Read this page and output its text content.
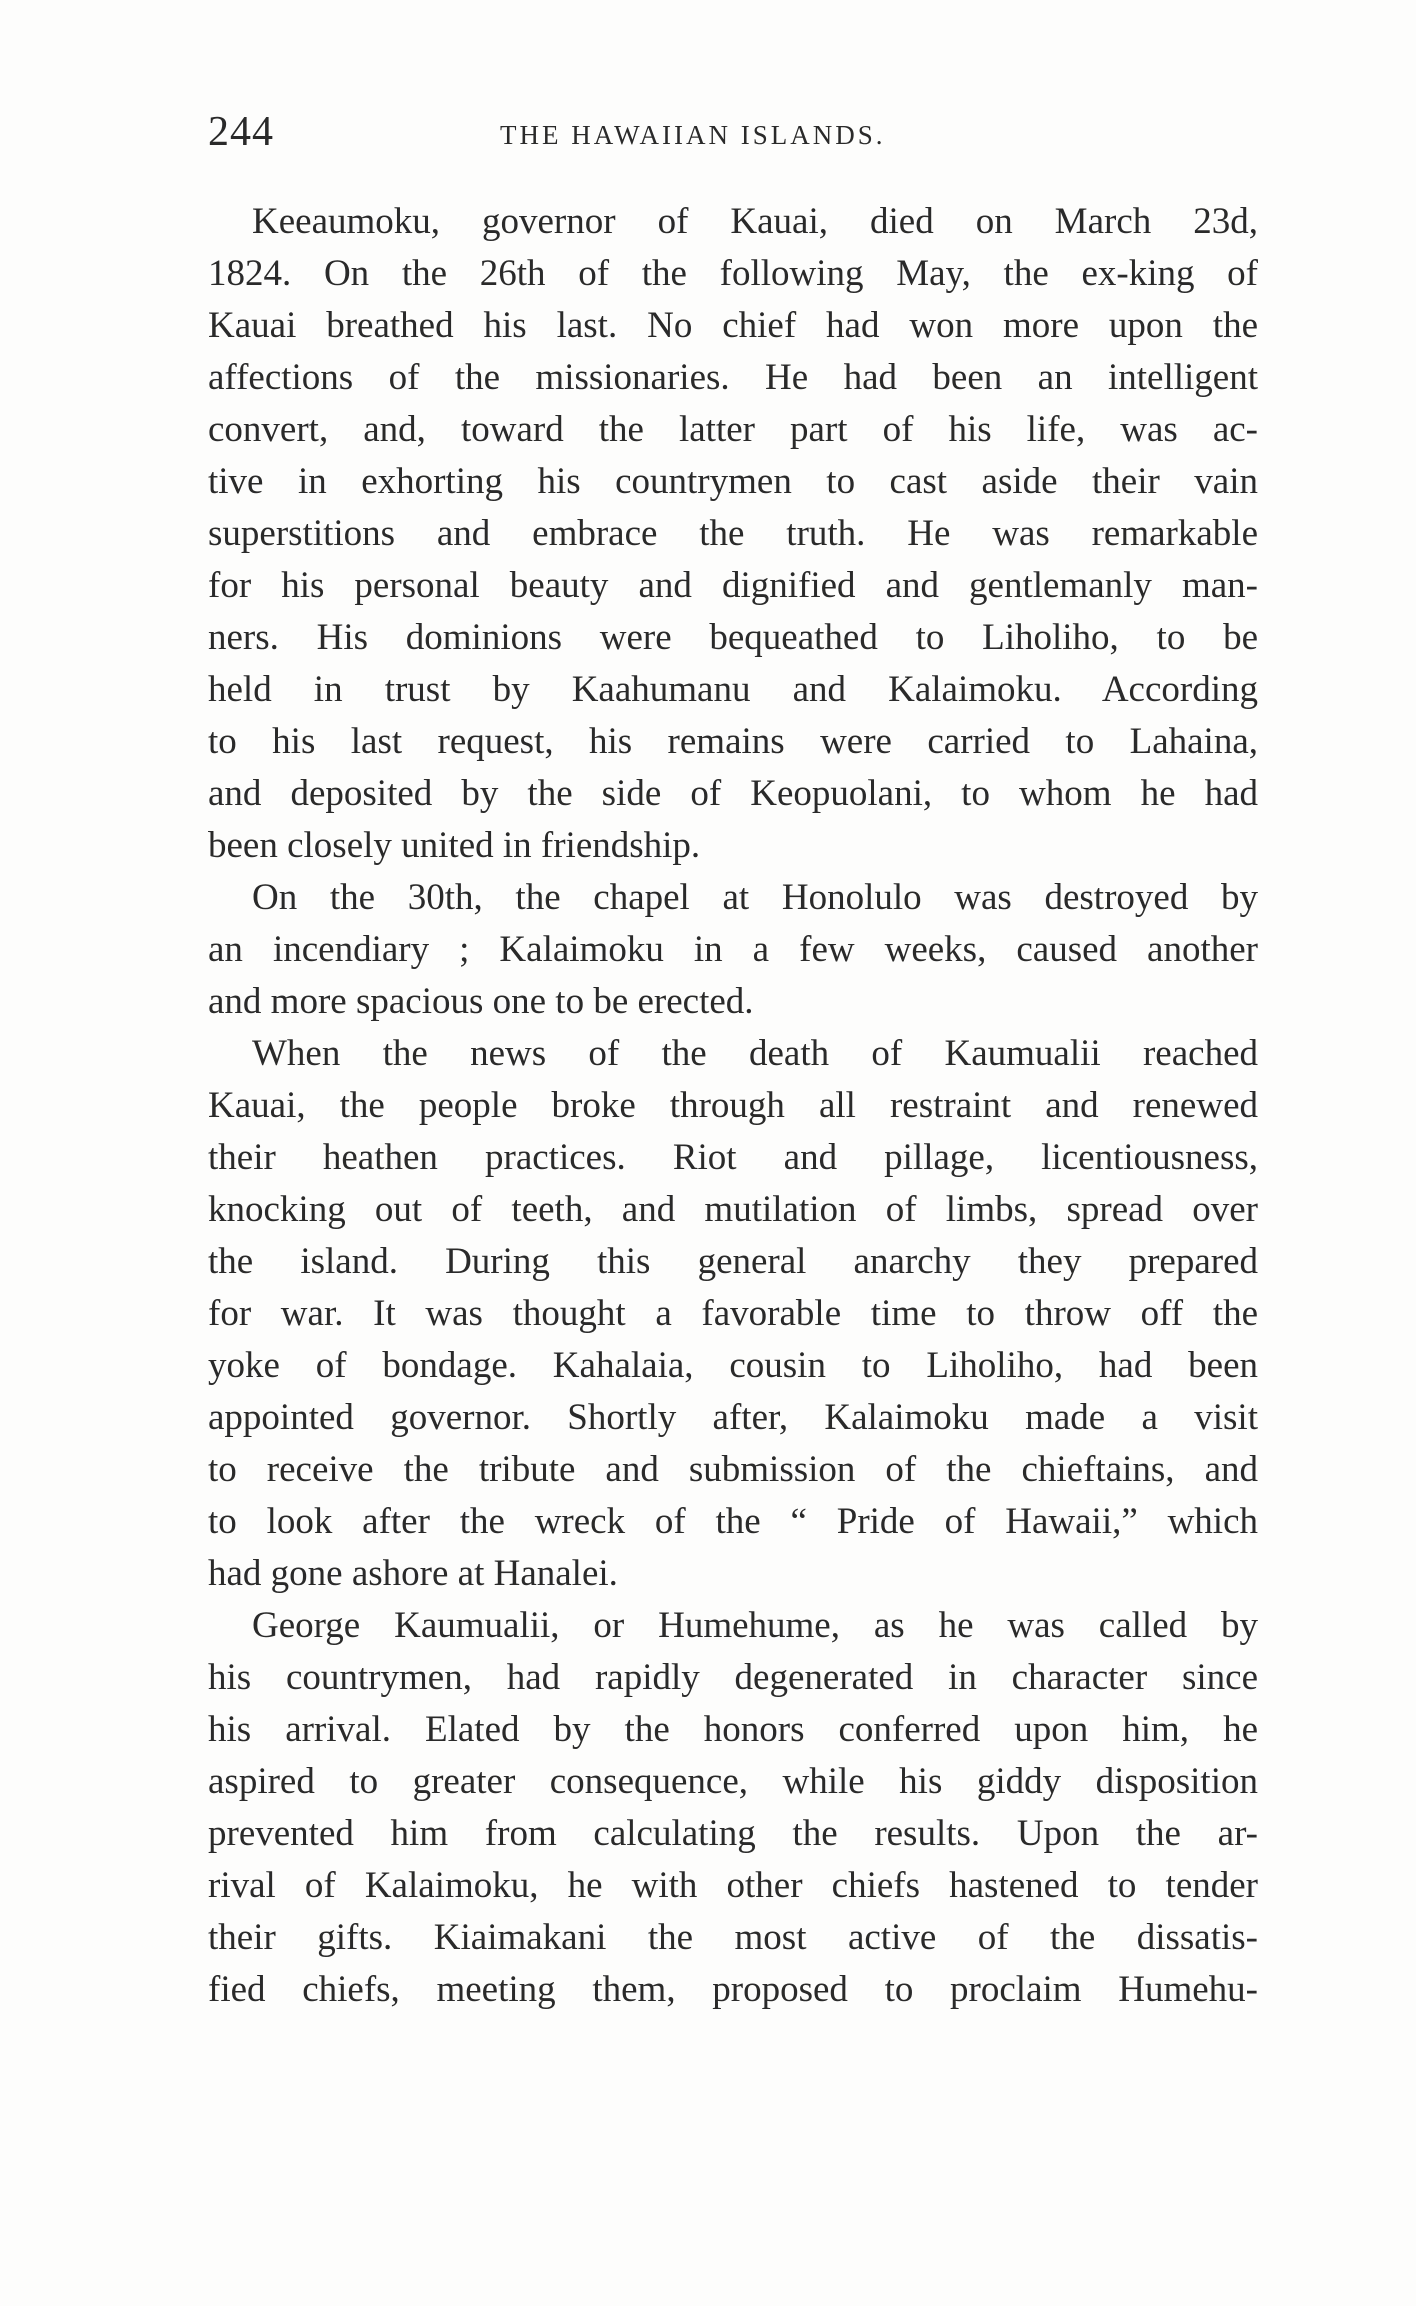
244	THE HAWAIIAN ISLANDS.
Keeaumoku, governor of Kauai, died on March 23d,
1824. On the 26th of the following May, the ex-king of
Kauai breathed his last. No chief had won more upon the
affections of the missionaries. He had been an intelligent
convert, and, toward the latter part of his life, was ac-
tive in exhorting his countrymen to cast aside their vain
superstitions and embrace the truth. He was remarkable
for his personal beauty and dignified and gentlemanly man-
ners. His dominions were bequeathed to Liholiho, to be
held in trust by Kaahumanu and Kalaimoku. According
to his last request, his remains were carried to Lahaina,
and deposited by the side of Keopuolani, to whom he had
been closely united in friendship.
On the 30th, the chapel at Honolulo was destroyed by
an incendiary ; Kalaimoku in a few weeks, caused another
and more spacious one to be erected.
When the news of the death of Kaumualii reached
Kauai, the people broke through all restraint and renewed
their heathen practices. Riot and pillage, licentiousness,
knocking out of teeth, and mutilation of limbs, spread over
the island. During this general anarchy they prepared
for war. It was thought a favorable time to throw off the
yoke of bondage. Kahalaia, cousin to Liholiho, had been
appointed governor. Shortly after, Kalaimoku made a visit
to receive the tribute and submission of the chieftains, and
to look after the wreck of the “ Pride of Hawaii,” which
had gone ashore at Hanalei.
George Kaumualii, or Humehume, as he was called by
his countrymen, had rapidly degenerated in character since
his arrival. Elated by the honors conferred upon him, he
aspired to greater consequence, while his giddy disposition
prevented him from calculating the results. Upon the ar-
rival of Kalaimoku, he with other chiefs hastened to tender
their gifts. Kiaimakani the most active of the dissatis-
fied chiefs, meeting them, proposed to proclaim Humehu-
